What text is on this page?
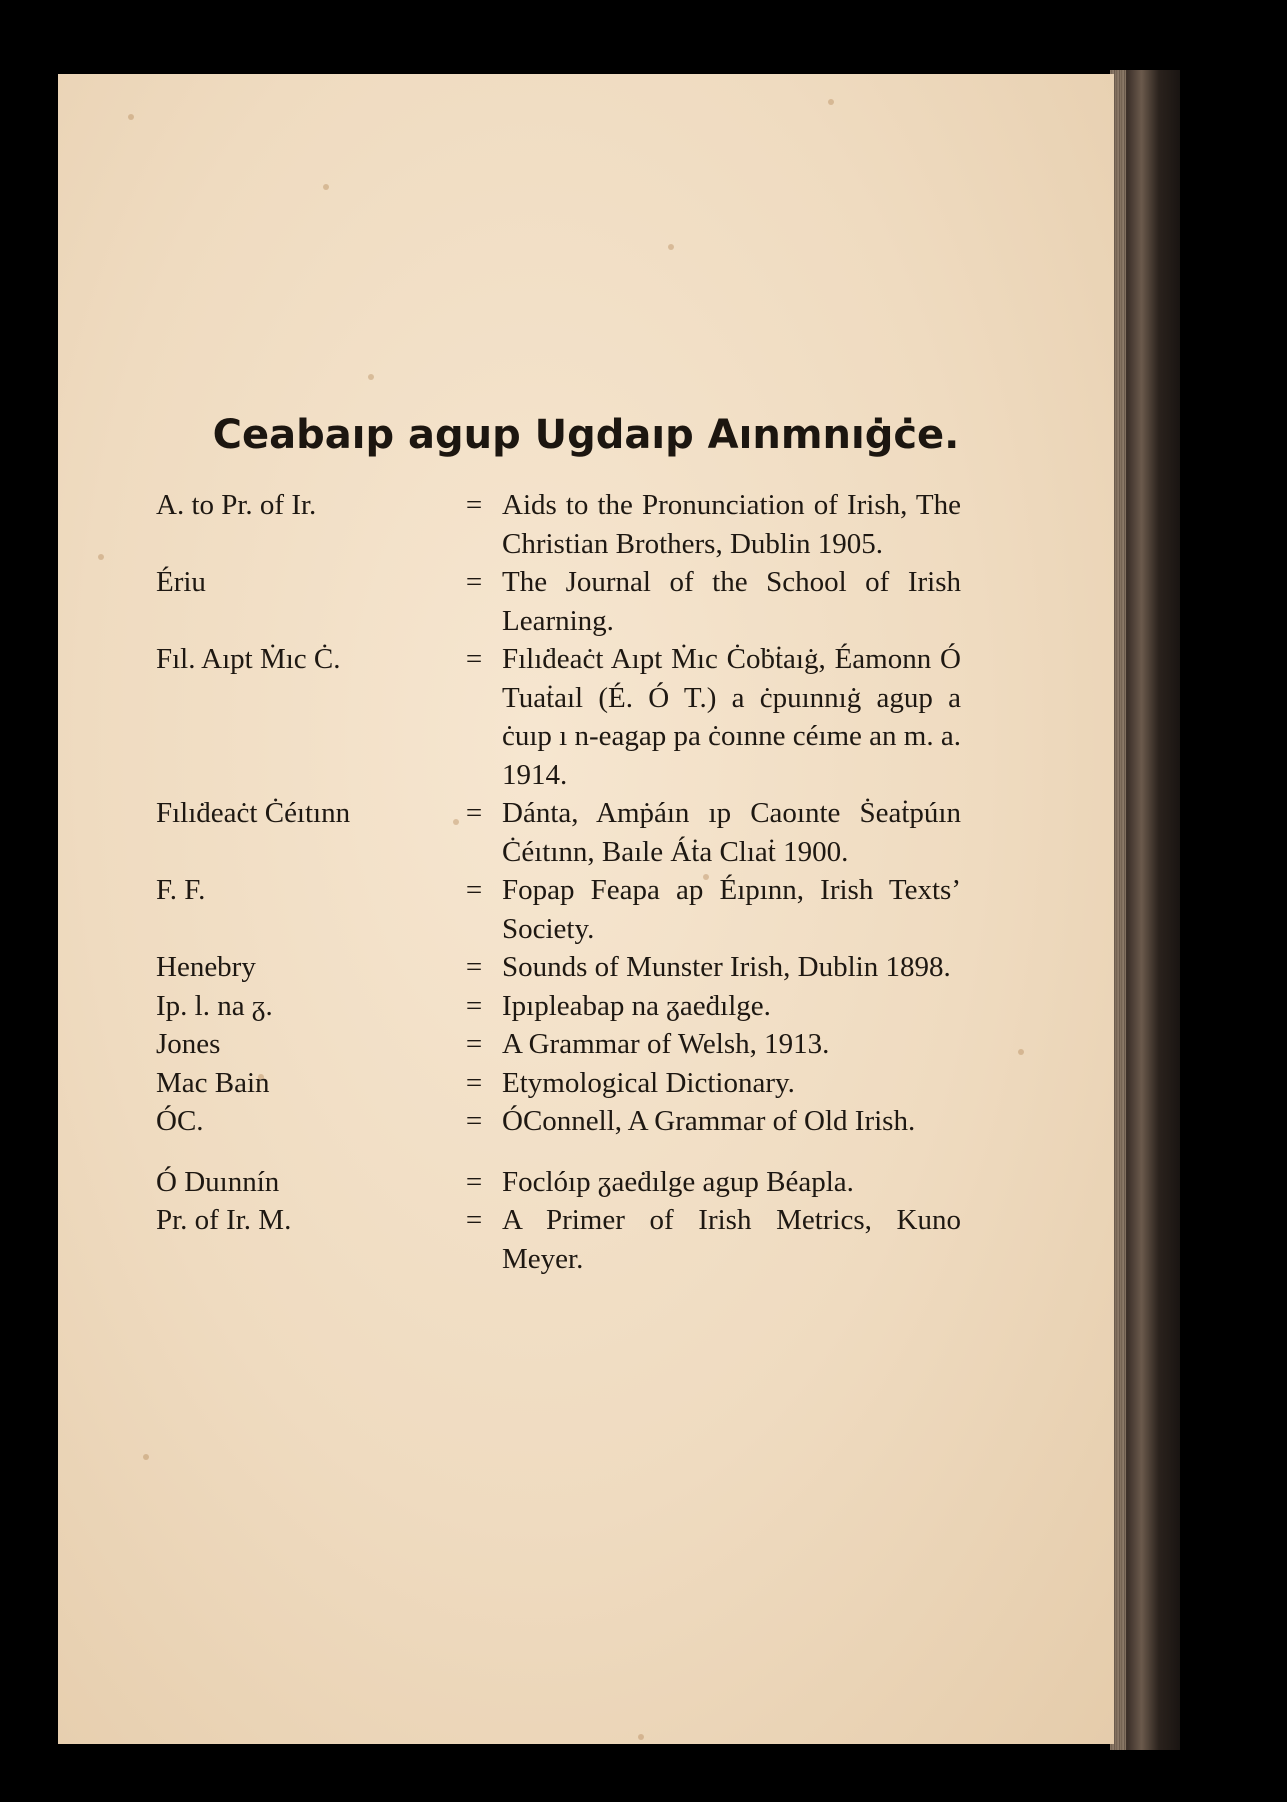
Ceabaıp agup Ugdaıp Aınmnıġċe.
A. to Pr. of Ir.	= Aids to the Pronunciation of Irish, The Christian Brothers, Dublin 1905.
Ériu	= The Journal of the School of Irish Learning.
Fıl. Aıpt Ṁıc Ċ.	= Fılıḋeaċt Aıpt Ṁıc Ċoḃṫaıġ, Éamonn Ó Tuaṫaıl (É. Ó T.) a ċpuınnıġ agup a ċuıp ı n-eagap pa ċoınne céıme an m. a. 1914.
Fılıḋeaċt Ċéıtınn	= Dánta, Amṗáın ıp Caoınte Ṡeaṫpúın Ċéıtınn, Baıle Áṫa Clıaṫ 1900.
F. F.	= Fopap Feapa ap Éıpınn, Irish Texts’ Society.
Henebry	= Sounds of Munster Irish, Dublin 1898.
Ip. l. na ᵹ.	= Ipıpleabap na ᵹaeḋılge.
Jones	= A Grammar of Welsh, 1913.
Mac Bain	= Etymological Dictionary.
ÓC.	= ÓConnell, A Grammar of Old Irish.
Ó Duınnín	= Foclóıp ᵹaeḋılge agup Béapla.
Pr. of Ir. M.	= A Primer of Irish Metrics, Kuno Meyer.
